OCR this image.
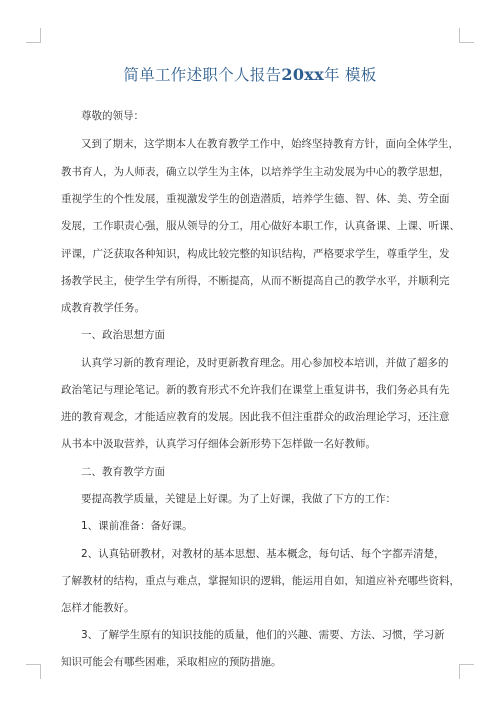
简单工作述职个人报告20xx年 模板
尊敬的领导：
又到了期末，这学期本人在教育教学工作中，始终坚持教育方针，面向全体学生，
教书育人，为人师表，确立以学生为主体，以培养学生主动发展为中心的教学思想，
重视学生的个性发展，重视激发学生的创造潜质，培养学生德、智、体、美、劳全面
发展，工作职责心强，服从领导的分工，用心做好本职工作，认真备课、上课、听课、
评课，广泛获取各种知识，构成比较完整的知识结构，严格要求学生，尊重学生，发
扬教学民主，使学生学有所得，不断提高，从而不断提高自己的教学水平，并顺利完
成教育教学任务。
一、政治思想方面
认真学习新的教育理论，及时更新教育理念。用心参加校本培训，并做了超多的
政治笔记与理论笔记。新的教育形式不允许我们在课堂上重复讲书，我们务必具有先
进的教育观念，才能适应教育的发展。因此我不但注重群众的政治理论学习，还注意
从书本中汲取营养，认真学习仔细体会新形势下怎样做一名好教师。
二、教育教学方面
要提高教学质量，关键是上好课。为了上好课，我做了下方的工作：
1、课前准备：备好课。
2、认真钻研教材，对教材的基本思想、基本概念，每句话、每个字都弄清楚，
了解教材的结构，重点与难点，掌握知识的逻辑，能运用自如，知道应补充哪些资料，
怎样才能教好。
3、了解学生原有的知识技能的质量，他们的兴趣、需要、方法、习惯，学习新
知识可能会有哪些困难，采取相应的预防措施。
